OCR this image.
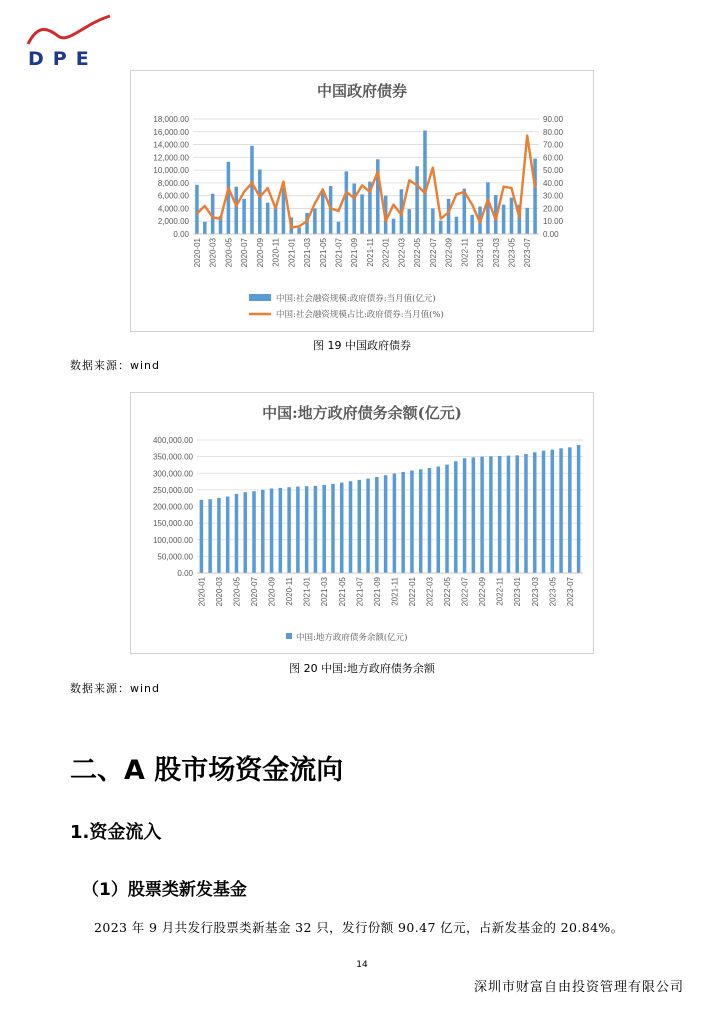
DPE
中国政府债券
0.00
2,000.00
4,000.00
6,000.00
8,000.00
10,000.00
12,000.00
14,000.00
16,000.00
18,000.00
0.00
10.00
20.00
30.00
40.00
50.00
60.00
70.00
80.00
90.00
2020-01 2020-03 2020-05 2020-07 2020-09 2020-11 2021-01 2021-03 2021-05 2021-07 2021-09 2021-11 2022-01 2022-03 2022-05 2022-07 2022-09 2022-11 2023-01 2023-03 2023-05 2023-07
中国:社会融资规模:政府债券:当月值(亿元)
中国:社会融资规模占比:政府债券:当月值(%)
图 19 中国政府债券
数据来源：wind
中国:地方政府债务余额(亿元)
0.00
50,000.00
100,000.00
150,000.00
200,000.00
250,000.00
300,000.00
350,000.00
400,000.00
2020-01 2020-03 2020-05 2020-07 2020-09 2020-11 2021-01 2021-03 2021-05 2021-07 2021-09 2021-11 2022-01 2022-03 2022-05 2022-07 2022-09 2022-11 2023-01 2023-03 2023-05 2023-07
中国:地方政府债务余额(亿元)
图 20 中国:地方政府债务余额
数据来源：wind
二、A 股市场资金流向
1.资金流入
（1）股票类新发基金
2023 年 9 月共发行股票类新基金 32 只，发行份额 90.47 亿元，占新发基金的 20.84%。
14
深圳市财富自由投资管理有限公司
